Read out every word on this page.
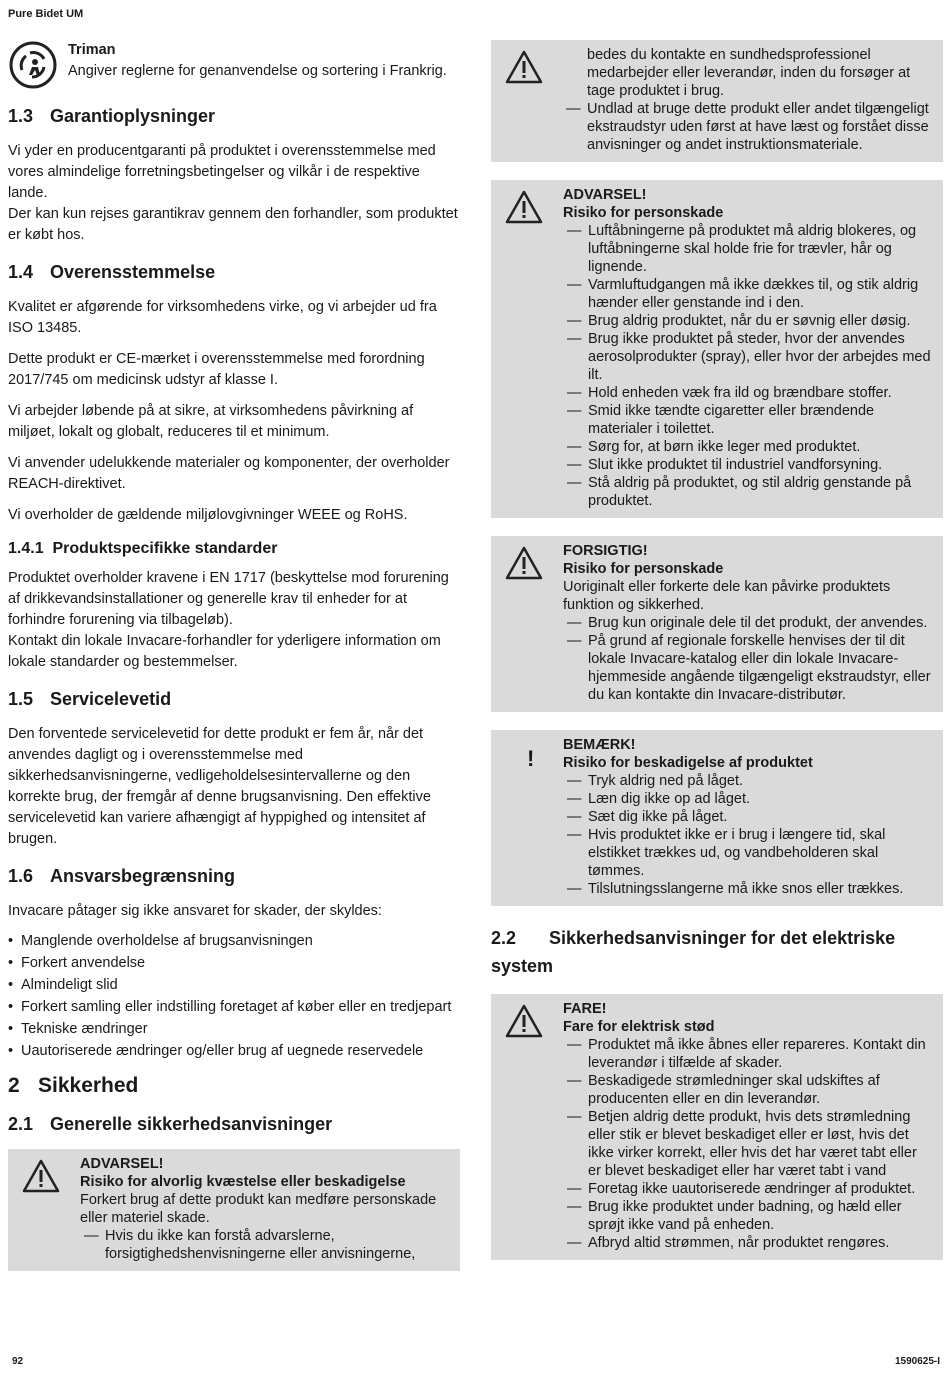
Pure Bidet UM
Triman
Angiver reglerne for genanvendelse og sortering i Frankrig.
1.3 Garantioplysninger

Vi yder en producentgaranti på produktet i overensstemmelse med vores almindelige forretningsbetingelser og vilkår i de respektive lande.

Der kan kun rejses garantikrav gennem den forhandler, som produktet er købt hos.

1.4 Overensstemmelse

Kvalitet er afgørende for virksomhedens virke, og vi arbejder ud fra ISO 13485.

Dette produkt er CE-mærket i overensstemmelse med forordning 2017/745 om medicinsk udstyr af klasse I.

Vi arbejder løbende på at sikre, at virksomhedens påvirkning af miljøet, lokalt og globalt, reduceres til et minimum.

Vi anvender udelukkende materialer og komponenter, der overholder REACH-direktivet.

Vi overholder de gældende miljølovgivninger WEEE og RoHS.

1.4.1 Produktspecifikke standarder

Produktet overholder kravene i EN 1717 (beskyttelse mod forurening af drikkevandsinstallationer og generelle krav til enheder for at forhindre forurening via tilbageløb).

Kontakt din lokale Invacare-forhandler for yderligere information om lokale standarder og bestemmelser.

1.5 Servicelevetid

Den forventede servicelevetid for dette produkt er fem år, når det anvendes dagligt og i overensstemmelse med sikkerhedsanvisningerne, vedligeholdelsesintervallerne og den korrekte brug, der fremgår af denne brugsanvisning. Den effektive servicelevetid kan variere afhængigt af hyppighed og intensitet af brugen.

1.6 Ansvarsbegrænsning

Invacare påtager sig ikke ansvaret for skader, der skyldes:

• Manglende overholdelse af brugsanvisningen
• Forkert anvendelse
• Almindeligt slid
• Forkert samling eller indstilling foretaget af køber eller en tredjepart
• Tekniske ændringer
• Uautoriserede ændringer og/eller brug af uegnede reservedele
2 Sikkerhed
2.1 Generelle sikkerhedsanvisninger
ADVARSEL!
Risiko for alvorlig kvæstelse eller beskadigelse
Forkert brug af dette produkt kan medføre personskade eller materiel skade.
— Hvis du ikke kan forstå advarslerne, forsigtighedshenvisningerne eller anvisningerne,
bedes du kontakte en sundhedsprofessionel medarbejder eller leverandør, inden du forsøger at tage produktet i brug.
— Undlad at bruge dette produkt eller andet tilgængeligt ekstraudstyr uden først at have læst og forstået disse anvisninger og andet instruktionsmateriale.
ADVARSEL!
Risiko for personskade
— Luftåbningerne på produktet må aldrig blokeres, og luftåbningerne skal holde frie for trævler, hår og lignende.
— Varmluftudgangen må ikke dækkes til, og stik aldrig hænder eller genstande ind i den.
— Brug aldrig produktet, når du er søvnig eller døsig.
— Brug ikke produktet på steder, hvor der anvendes aerosolprodukter (spray), eller hvor der arbejdes med ilt.
— Hold enheden væk fra ild og brændbare stoffer.
— Smid ikke tændte cigaretter eller brændende materialer i toilettet.
— Sørg for, at børn ikke leger med produktet.
— Slut ikke produktet til industriel vandforsyning.
— Stå aldrig på produktet, og stil aldrig genstande på produktet.
FORSIGTIG!
Risiko for personskade
Uoriginalt eller forkerte dele kan påvirke produktets funktion og sikkerhed.
— Brug kun originale dele til det produkt, der anvendes.
— På grund af regionale forskelle henvises der til dit lokale Invacare-katalog eller din lokale Invacare-hjemmeside angående tilgængeligt ekstraudstyr, eller du kan kontakte din Invacare-distributør.
!
BEMÆRK!
Risiko for beskadigelse af produktet
— Tryk aldrig ned på låget.
— Læn dig ikke op ad låget.
— Sæt dig ikke på låget.
— Hvis produktet ikke er i brug i længere tid, skal elstikket trækkes ud, og vandbeholderen skal tømmes.
— Tilslutningsslangerne må ikke snos eller trækkes.
2.2 Sikkerhedsanvisninger for det elektriske system
FARE!
Fare for elektrisk stød
— Produktet må ikke åbnes eller repareres. Kontakt din leverandør i tilfælde af skader.
— Beskadigede strømledninger skal udskiftes af producenten eller en din leverandør.
— Betjen aldrig dette produkt, hvis dets strømledning eller stik er blevet beskadiget eller er løst, hvis det ikke virker korrekt, eller hvis det har været tabt eller er blevet beskadiget eller har været tabt i vand
— Foretag ikke uautoriserede ændringer af produktet.
— Brug ikke produktet under badning, og hæld eller sprøjt ikke vand på enheden.
— Afbryd altid strømmen, når produktet rengøres.
92	1590625-I
